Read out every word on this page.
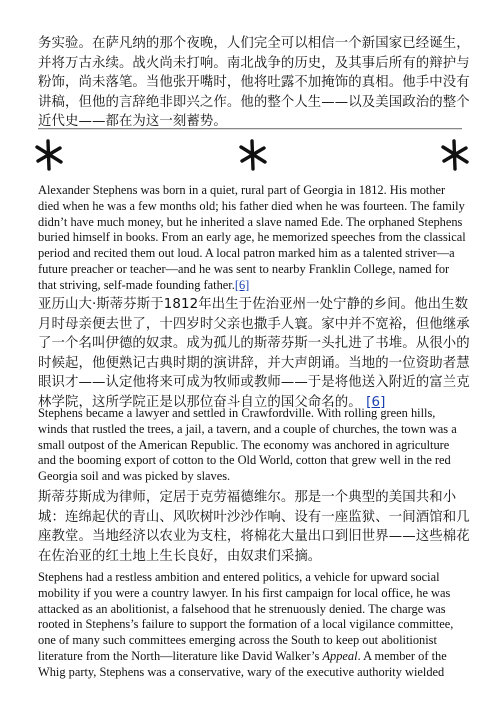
务实验。在萨凡纳的那个夜晚，人们完全可以相信一个新国家已经诞生，并将万古永续。战火尚未打响。南北战争的历史，及其事后所有的辩护与粉饰，尚未落笔。当他张开嘴时，他将吐露不加掩饰的真相。他手中没有讲稿，但他的言辞绝非即兴之作。他的整个人生——以及美国政治的整个近代史——都在为这一刻蓄势。

Alexander Stephens was born in a quiet, rural part of Georgia in 1812. His mother died when he was a few months old; his father died when he was fourteen. The family didn’t have much money, but he inherited a slave named Ede. The orphaned Stephens buried himself in books. From an early age, he memorized speeches from the classical period and recited them out loud. A local patron marked him as a talented striver—a future preacher or teacher—and he was sent to nearby Franklin College, named for that striving, self-made founding father.[6]

亚历山大·斯蒂芬斯于1812年出生于佐治亚州一处宁静的乡间。他出生数月时母亲便去世了，十四岁时父亲也撒手人寰。家中并不宽裕，但他继承了一个名叫伊德的奴隶。成为孤儿的斯蒂芬斯一头扎进了书堆。从很小的时候起，他便熟记古典时期的演讲辞，并大声朗诵。当地的一位资助者慧眼识才——认定他将来可成为牧师或教师——于是将他送入附近的富兰克林学院，这所学院正是以那位奋斗自立的国父命名的。 [6]

Stephens became a lawyer and settled in Crawfordville. With rolling green hills, winds that rustled the trees, a jail, a tavern, and a couple of churches, the town was a small outpost of the American Republic. The economy was anchored in agriculture and the booming export of cotton to the Old World, cotton that grew well in the red Georgia soil and was picked by slaves.

斯蒂芬斯成为律师，定居于克劳福德维尔。那是一个典型的美国共和小城：连绵起伏的青山、风吹树叶沙沙作响、设有一座监狱、一间酒馆和几座教堂。当地经济以农业为支柱，将棉花大量出口到旧世界——这些棉花在佐治亚的红土地上生长良好，由奴隶们采摘。

Stephens had a restless ambition and entered politics, a vehicle for upward social mobility if you were a country lawyer. In his first campaign for local office, he was attacked as an abolitionist, a falsehood that he strenuously denied. The charge was rooted in Stephens’s failure to support the formation of a local vigilance committee, one of many such committees emerging across the South to keep out abolitionist literature from the North—literature like David Walker’s Appeal. A member of the Whig party, Stephens was a conservative, wary of the executive authority wielded
